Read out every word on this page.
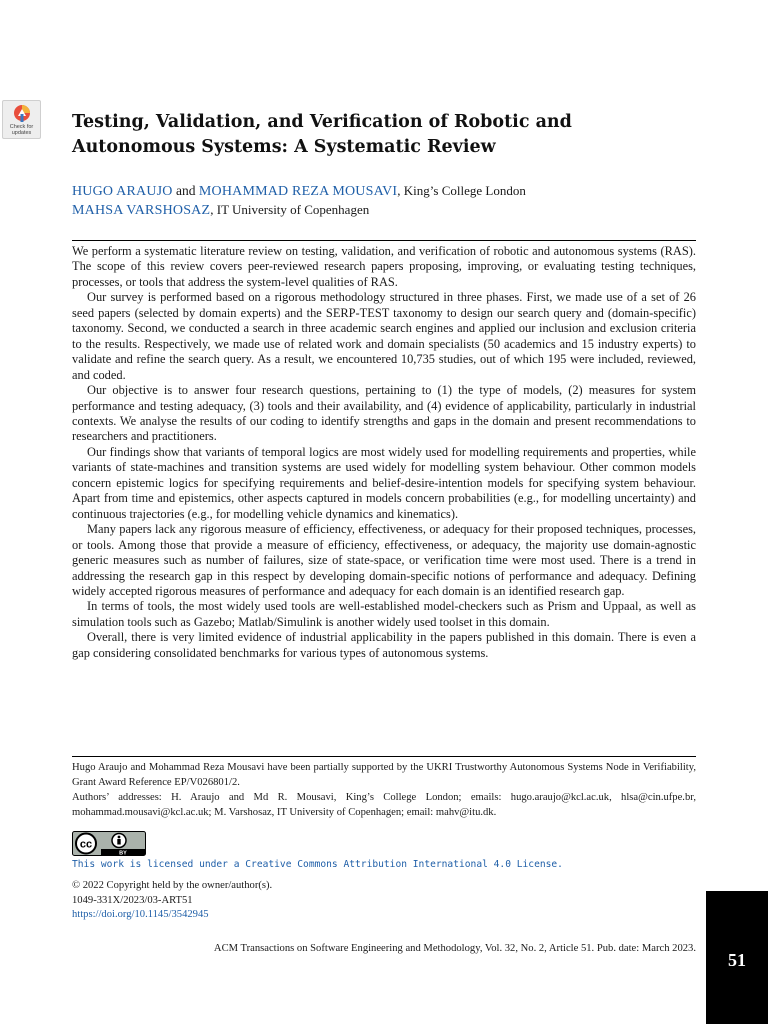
Check for
updates
Testing, Validation, and Verification of Robotic and Autonomous Systems: A Systematic Review
HUGO ARAUJO and MOHAMMAD REZA MOUSAVI, King’s College London
MAHSA VARSHOSAZ, IT University of Copenhagen

We perform a systematic literature review on testing, validation, and verification of robotic and autonomous systems (RAS). The scope of this review covers peer-reviewed research papers proposing, improving, or evaluating testing techniques, processes, or tools that address the system-level qualities of RAS.

Our survey is performed based on a rigorous methodology structured in three phases. First, we made use of a set of 26 seed papers (selected by domain experts) and the SERP-TEST taxonomy to design our search query and (domain-specific) taxonomy. Second, we conducted a search in three academic search engines and applied our inclusion and exclusion criteria to the results. Respectively, we made use of related work and domain specialists (50 academics and 15 industry experts) to validate and refine the search query. As a result, we encountered 10,735 studies, out of which 195 were included, reviewed, and coded.

Our objective is to answer four research questions, pertaining to (1) the type of models, (2) measures for system performance and testing adequacy, (3) tools and their availability, and (4) evidence of applicability, particularly in industrial contexts. We analyse the results of our coding to identify strengths and gaps in the domain and present recommendations to researchers and practitioners.

Our findings show that variants of temporal logics are most widely used for modelling requirements and properties, while variants of state-machines and transition systems are used widely for modelling system behaviour. Other common models concern epistemic logics for specifying requirements and belief-desire-intention models for specifying system behaviour. Apart from time and epistemics, other aspects captured in models concern probabilities (e.g., for modelling uncertainty) and continuous trajectories (e.g., for modelling vehicle dynamics and kinematics).

Many papers lack any rigorous measure of efficiency, effectiveness, or adequacy for their proposed techniques, processes, or tools. Among those that provide a measure of efficiency, effectiveness, or adequacy, the majority use domain-agnostic generic measures such as number of failures, size of state-space, or verification time were most used. There is a trend in addressing the research gap in this respect by developing domain-specific notions of performance and adequacy. Defining widely accepted rigorous measures of performance and adequacy for each domain is an identified research gap.

In terms of tools, the most widely used tools are well-established model-checkers such as Prism and Uppaal, as well as simulation tools such as Gazebo; Matlab/Simulink is another widely used toolset in this domain.

Overall, there is very limited evidence of industrial applicability in the papers published in this domain. There is even a gap considering consolidated benchmarks for various types of autonomous systems.

Hugo Araujo and Mohammad Reza Mousavi have been partially supported by the UKRI Trustworthy Autonomous Systems Node in Verifiability, Grant Award Reference EP/V026801/2.

Authors’ addresses: H. Araujo and Md R. Mousavi, King’s College London; emails: hugo.araujo@kcl.ac.uk, hlsa@cin.ufpe.br, mohammad.mousavi@kcl.ac.uk; M. Varshosaz, IT University of Copenhagen; email: mahv@itu.dk.

cc
BY
This work is licensed under a Creative Commons Attribution International 4.0 License.
© 2022 Copyright held by the owner/author(s).
1049-331X/2023/03-ART51
https://doi.org/10.1145/3542945
ACM Transactions on Software Engineering and Methodology, Vol. 32, No. 2, Article 51. Pub. date: March 2023.
51
